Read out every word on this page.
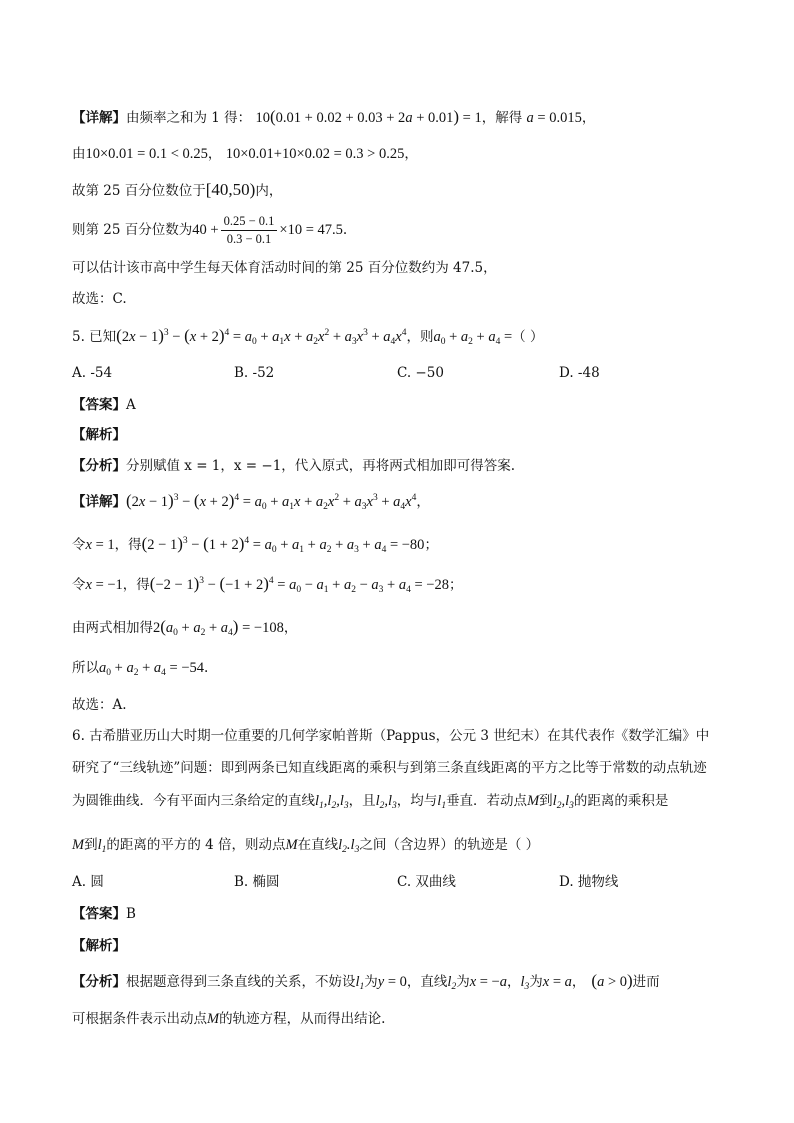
【详解】由频率之和为 1 得： 10(0.01 + 0.02 + 0.03 + 2a + 0.01) = 1，解得 a = 0.015，
由10×0.01 = 0.1 < 0.25， 10×0.01+10×0.02 = 0.3 > 0.25，
故第 25 百分位数位于[40,50)内，
则第 25 百分位数为$40 + \frac{0.25 - 0.1}{0.3 - 0.1} \times 10 = 47.5$.
可以估计该市高中学生每天体育活动时间的第 25 百分位数约为 47.5，
故选：C.
5. 已知$(2x - 1)^3 - (x + 2)^4 = a_0 + a_1x + a_2x^2 + a_3x^3 + a_4x^4$，则$a_0 + a_2 + a_4$ =（ ）
A. -54	B. -52	C. −50	D. -48
【答案】A
【解析】
【分析】分别赋值 x = 1，x = −1，代入原式，再将两式相加即可得答案.
【详解】$(2x - 1)^3 - (x + 2)^4 = a_0 + a_1x + a_2x^2 + a_3x^3 + a_4x^4$，
令x = 1，得$(2 - 1)^3 - (1 + 2)^4 = a_0 + a_1 + a_2 + a_3 + a_4 = -80$；
令x = −1，得$(-2 - 1)^3 - (-1 + 2)^4 = a_0 - a_1 + a_2 - a_3 + a_4 = -28$；
由两式相加得$2(a_0 + a_2 + a_4) = -108$，
所以$a_0 + a_2 + a_4 = -54$.
故选：A.
6. 古希腊亚历山大时期一位重要的几何学家帕普斯（Pappus，公元 3 世纪末）在其代表作《数学汇编》中
研究了“三线轨迹”问题：即到两条已知直线距离的乘积与到第三条直线距离的平方之比等于常数的动点轨迹
为圆锥曲线．今有平面内三条给定的直线$l_1,l_2,l_3$，且$l_2,l_3$，均与$l_1$垂直．若动点M到$l_2,l_3$的距离的乘积是
M到$l_1$的距离的平方的 4 倍，则动点M在直线$l_2.l_3$之间（含边界）的轨迹是（ ）
A. 圆	B. 椭圆	C. 双曲线	D. 抛物线
【答案】B
【解析】
【分析】根据题意得到三条直线的关系，不妨设$l_1$为y = 0，直线$l_2$为x = −a，$l_3$为x = a， (a > 0)进而
可根据条件表示出动点M的轨迹方程，从而得出结论.
